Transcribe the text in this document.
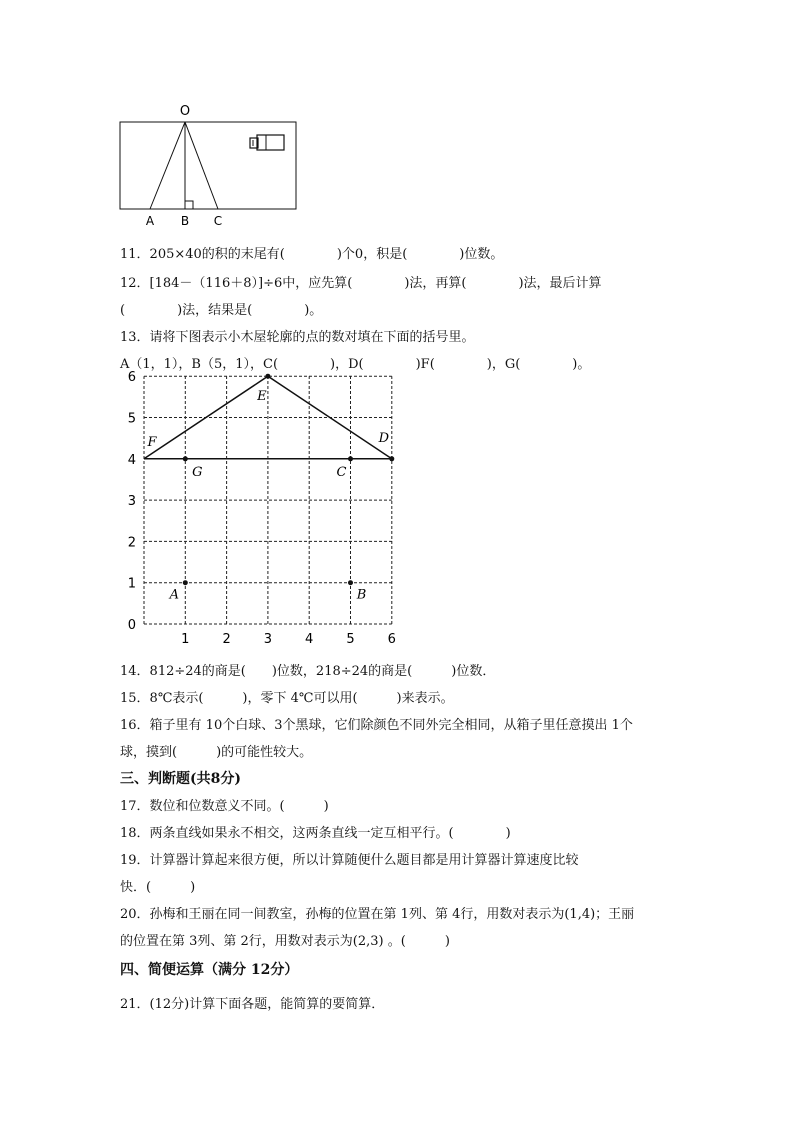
O
A B C
11．205×40的积的末尾有(　　　　)个0，积是(　　　　)位数。
12．[184－（116＋8）]÷6中，应先算(　　　　)法，再算(　　　　)法，最后计算
(　　　　)法，结果是(　　　　)。
13．请将下图表示小木屋轮廓的点的数对填在下面的括号里。
A（1，1），B（5，1），C(　　　　)，D(　　　　)F(　　　　)，G(　　　　)。
1	2	3	4	5	6
0
1
2
3
4
5
6
A	B
C
D
E
F
G
14．812÷24的商是(　　)位数，218÷24的商是(　　　)位数．
15．8℃表示(　　　)，零下 4℃可以用(　　　)来表示。
16．箱子里有 10个白球、3个黑球，它们除颜色不同外完全相同，从箱子里任意摸出 1个
球，摸到(　　　)的可能性较大。
三、判断题(共8分)
17．数位和位数意义不同。(　　　)
18．两条直线如果永不相交，这两条直线一定互相平行。(　　　　)
19．计算器计算起来很方便，所以计算随便什么题目都是用计算器计算速度比较
快．(　　　)
20．孙梅和王丽在同一间教室，孙梅的位置在第 1列、第 4行，用数对表示为(1,4)；王丽
的位置在第 3列、第 2行，用数对表示为(2,3) 。(　　　)
四、简便运算（满分 12分）
21．(12分)计算下面各题，能简算的要简算．
